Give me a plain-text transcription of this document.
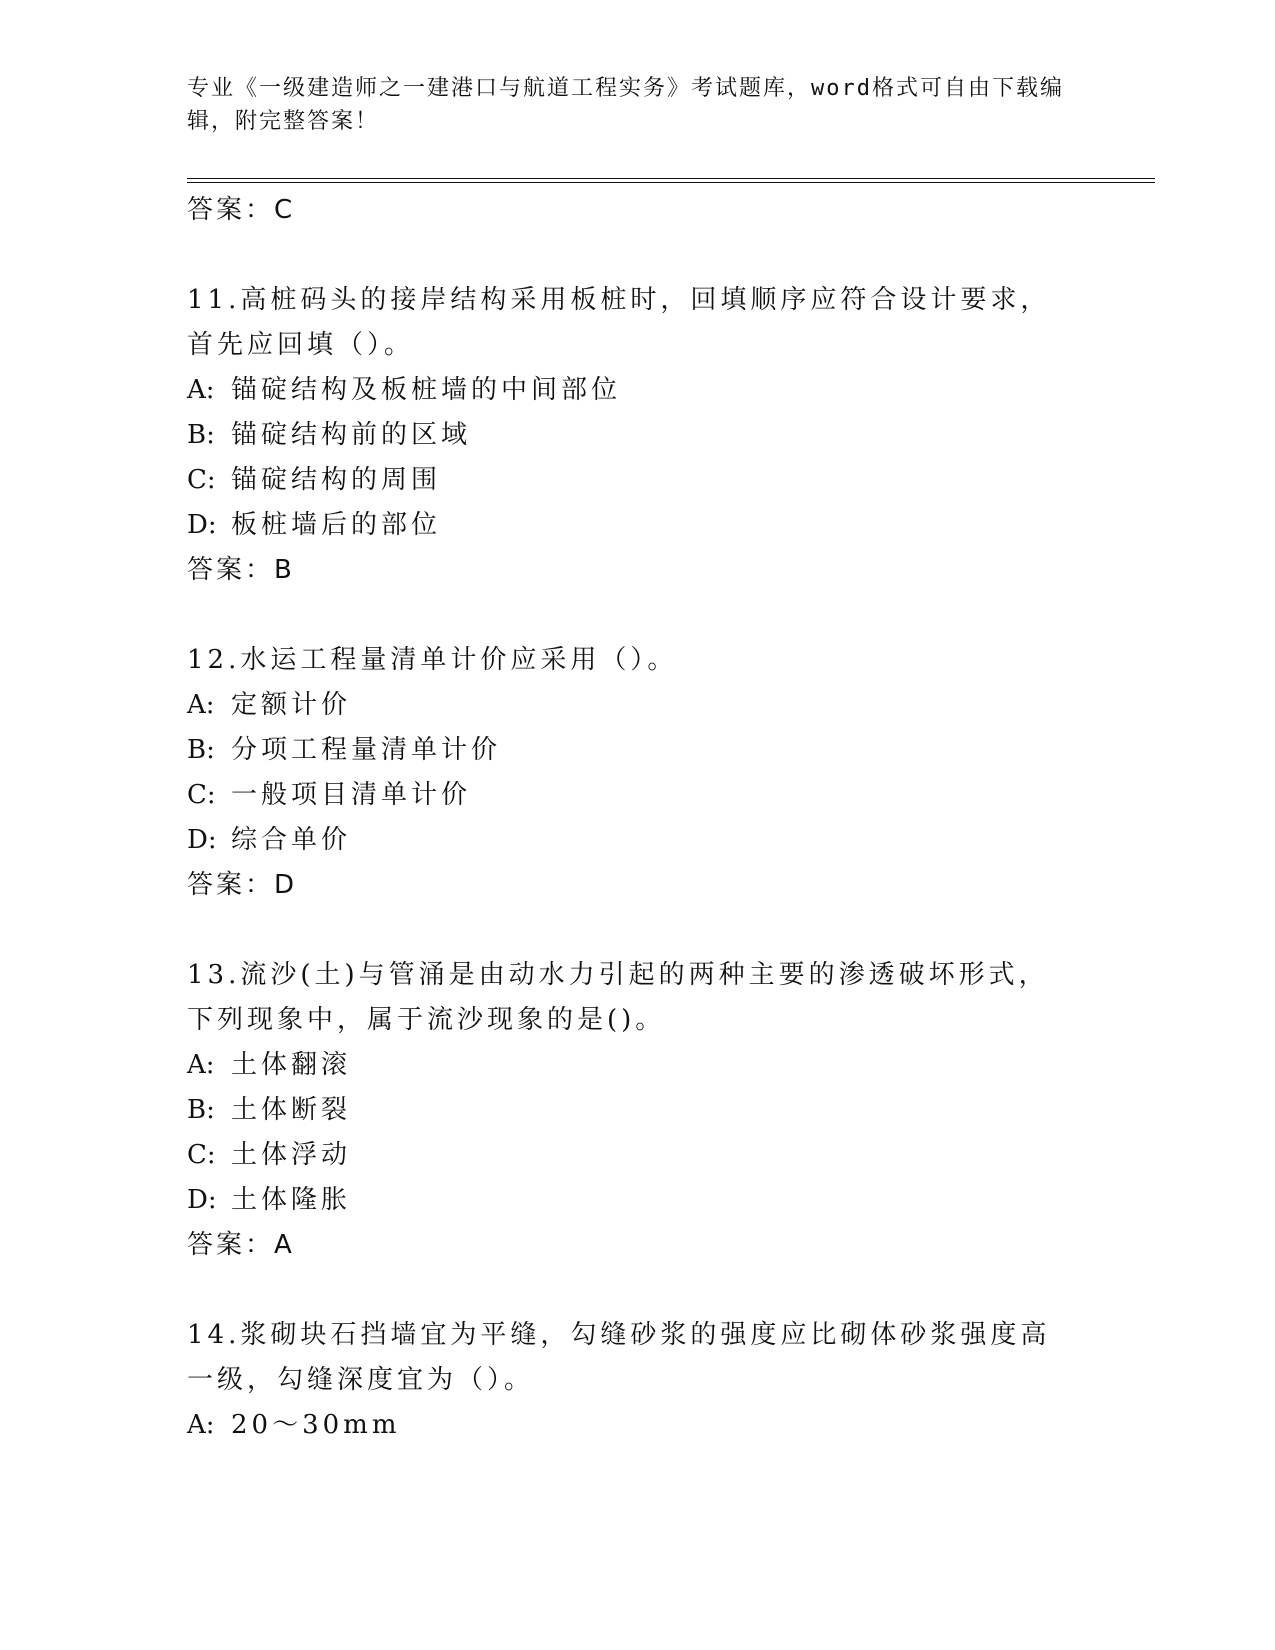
专业《一级建造师之一建港口与航道工程实务》考试题库，word格式可自由下载编辑，附完整答案！
答案：C
11.高桩码头的接岸结构采用板桩时，回填顺序应符合设计要求，首先应回填（）。
A: 锚碇结构及板桩墙的中间部位
B: 锚碇结构前的区域
C: 锚碇结构的周围
D: 板桩墙后的部位
答案：B
12.水运工程量清单计价应采用（）。
A: 定额计价
B: 分项工程量清单计价
C: 一般项目清单计价
D: 综合单价
答案：D
13.流沙(土)与管涌是由动水力引起的两种主要的渗透破坏形式，下列现象中，属于流沙现象的是()。
A: 土体翻滚
B: 土体断裂
C: 土体浮动
D: 土体隆胀
答案：A
14.浆砌块石挡墙宜为平缝，勾缝砂浆的强度应比砌体砂浆强度高一级，勾缝深度宜为（）。
A: 20～30mm
